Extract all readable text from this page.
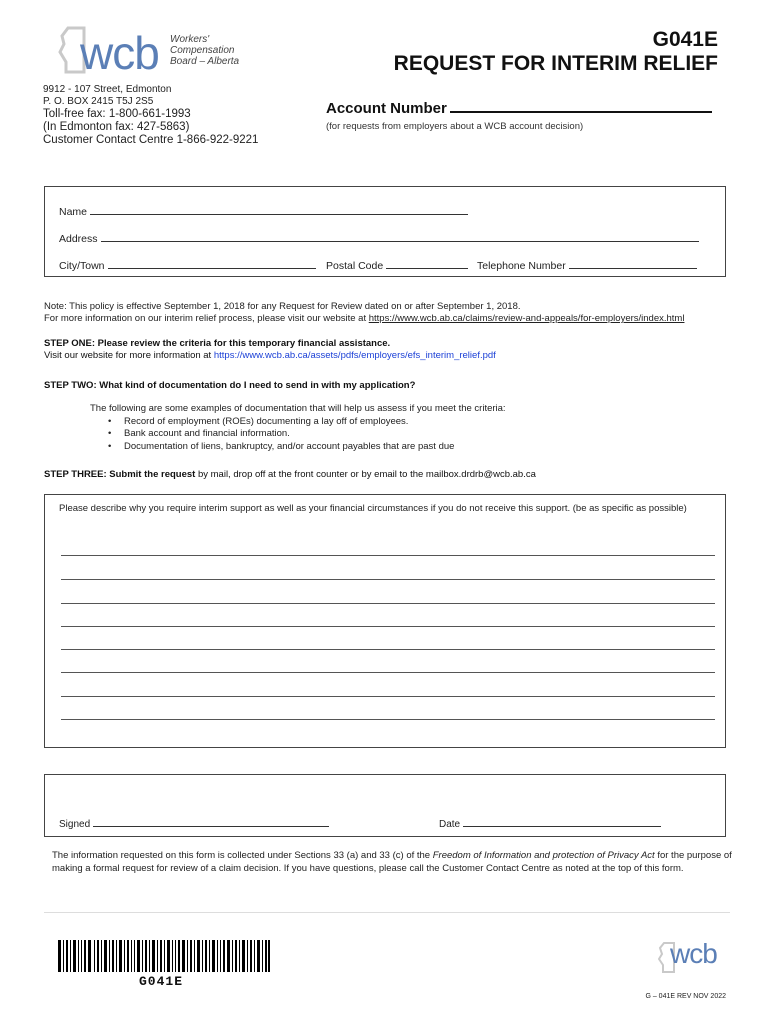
wcb Workers'
Compensation
Board – Alberta
G041E
REQUEST FOR INTERIM RELIEF
9912 - 107 Street, Edmonton
P. O. BOX 2415 T5J 2S5
Toll-free fax: 1-800-661-1993
(In Edmonton fax: 427-5863)
Customer Contact Centre 1-866-922-9221
Account Number
(for requests from employers about a WCB account decision)
Name
Address
City/Town	Postal Code	Telephone Number
Note: This policy is effective September 1, 2018 for any Request for Review dated on or after September 1, 2018.
For more information on our interim relief process, please visit our website at https://www.wcb.ab.ca/claims/review-and-appeals/for-employers/index.html
STEP ONE: Please review the criteria for this temporary financial assistance.
Visit our website for more information at https://www.wcb.ab.ca/assets/pdfs/employers/efs_interim_relief.pdf
STEP TWO: What kind of documentation do I need to send in with my application?
The following are some examples of documentation that will help us assess if you meet the criteria:
• Record of employment (ROEs) documenting a lay off of employees.
• Bank account and financial information.
• Documentation of liens, bankruptcy, and/or account payables that are past due
STEP THREE: Submit the request by mail, drop off at the front counter or by email to the mailbox.drdrb@wcb.ab.ca
Please describe why you require interim support as well as your financial circumstances if you do not receive this support. (be as specific as possible)
Signed	Date
The information requested on this form is collected under Sections 33 (a) and 33 (c) of the Freedom of Information and protection of Privacy Act for the purpose of making a formal request for review of a claim decision. If you have questions, please call the Customer Contact Centre as noted at the top of this form.
G041E
wcb
G – 041E REV NOV 2022
